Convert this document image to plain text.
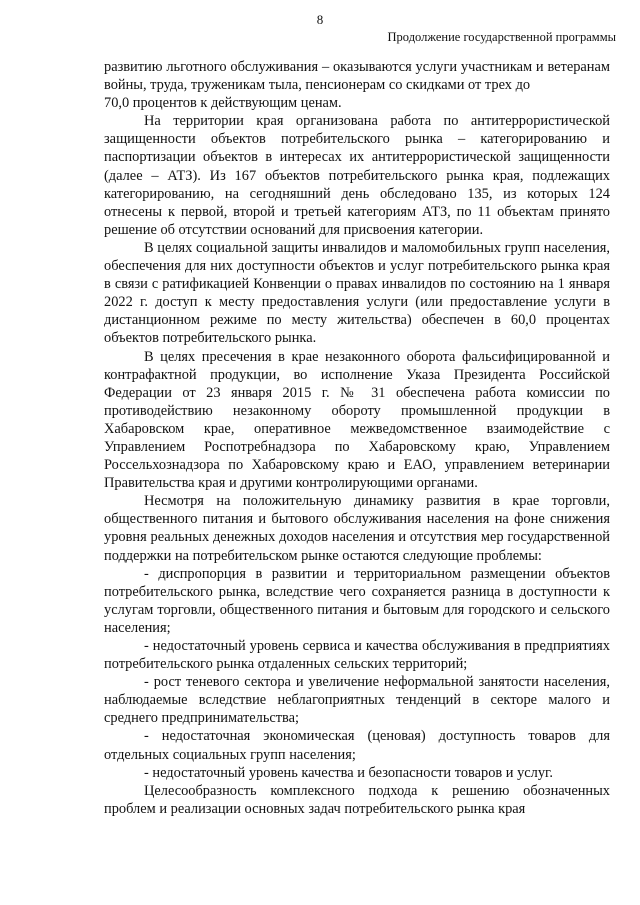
8
Продолжение государственной программы

развитию льготного обслуживания – оказываются услуги участникам и ветеранам войны, труда, труженикам тыла, пенсионерам со скидками от трех до

70,0 процентов к действующим ценам.

На территории края организована работа по антитеррористической защищенности объектов потребительского рынка – категорированию и паспортизации объектов в интересах их антитеррористической защищенности (далее – АТЗ). Из 167 объектов потребительского рынка края, подлежащих категорированию, на сегодняшний день обследовано 135, из которых 124 отнесены к первой, второй и третьей категориям АТЗ, по 11 объектам принято решение об отсутствии оснований для присвоения категории.

В целях социальной защиты инвалидов и маломобильных групп населения, обеспечения для них доступности объектов и услуг потребительского рынка края в связи с ратификацией Конвенции о правах инвалидов по состоянию на 1 января 2022 г. доступ к месту предоставления услуги (или предоставление услуги в дистанционном режиме по месту жительства) обеспечен в 60,0 процентах объектов потребительского рынка.

В целях пресечения в крае незаконного оборота фальсифицированной и контрафактной продукции, во исполнение Указа Президента Российской Федерации от 23 января 2015 г. № 31 обеспечена работа комиссии по противодействию незаконному обороту промышленной продукции в Хабаровском крае, оперативное межведомственное взаимодействие с Управлением Роспотребнадзора по Хабаровскому краю, Управлением Россельхознадзора по Хабаровскому краю и ЕАО, управлением ветеринарии Правительства края и другими контролирующими органами.

Несмотря на положительную динамику развития в крае торговли, общественного питания и бытового обслуживания населения на фоне снижения уровня реальных денежных доходов населения и отсутствия мер государственной поддержки на потребительском рынке остаются следующие проблемы:

- диспропорция в развитии и территориальном размещении объектов потребительского рынка, вследствие чего сохраняется разница в доступности к услугам торговли, общественного питания и бытовым для городского и сельского населения;

- недостаточный уровень сервиса и качества обслуживания в предприятиях потребительского рынка отдаленных сельских территорий;

- рост теневого сектора и увеличение неформальной занятости населения, наблюдаемые вследствие неблагоприятных тенденций в секторе малого и среднего предпринимательства;

- недостаточная экономическая (ценовая) доступность товаров для отдельных социальных групп населения;

- недостаточный уровень качества и безопасности товаров и услуг.

Целесообразность комплексного подхода к решению обозначенных проблем и реализации основных задач потребительского рынка края
